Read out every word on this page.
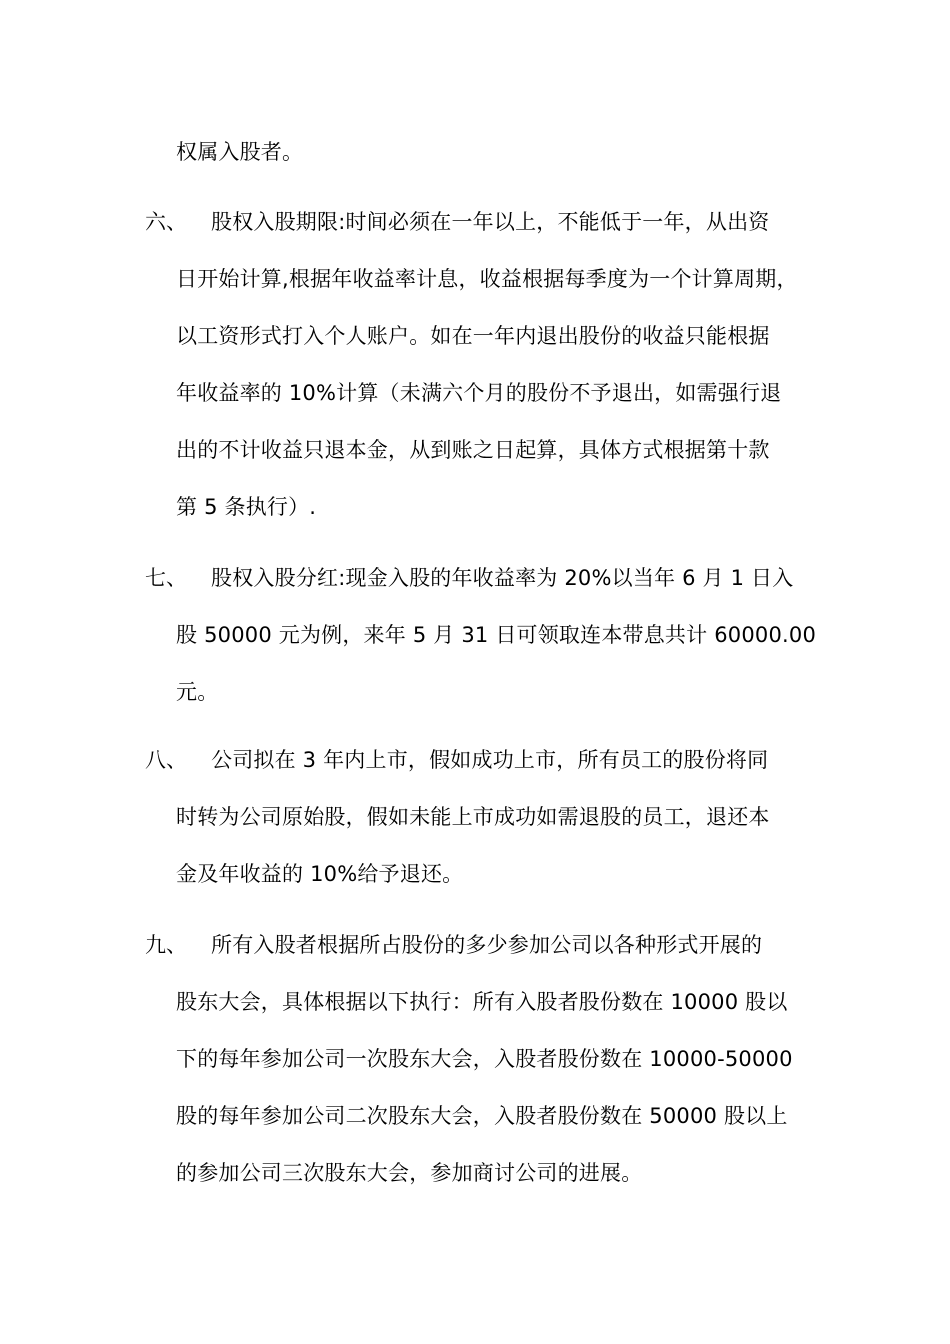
权属入股者。
六、 股权入股期限:时间必须在一年以上，不能低于一年，从出资
日开始计算,根据年收益率计息，收益根据每季度为一个计算周期，
以工资形式打入个人账户。如在一年内退出股份的收益只能根据
年收益率的 10%计算（未满六个月的股份不予退出，如需强行退
出的不计收益只退本金，从到账之日起算，具体方式根据第十款
第 5 条执行）.
七、 股权入股分红:现金入股的年收益率为 20%以当年 6 月 1 日入
股 50000 元为例，来年 5 月 31 日可领取连本带息共计 60000.00
元。
八、 公司拟在 3 年内上市，假如成功上市，所有员工的股份将同
时转为公司原始股，假如未能上市成功如需退股的员工，退还本
金及年收益的 10%给予退还。
九、 所有入股者根据所占股份的多少参加公司以各种形式开展的
股东大会，具体根据以下执行：所有入股者股份数在 10000 股以
下的每年参加公司一次股东大会，入股者股份数在 10000-50000
股的每年参加公司二次股东大会，入股者股份数在 50000 股以上
的参加公司三次股东大会，参加商讨公司的进展。
